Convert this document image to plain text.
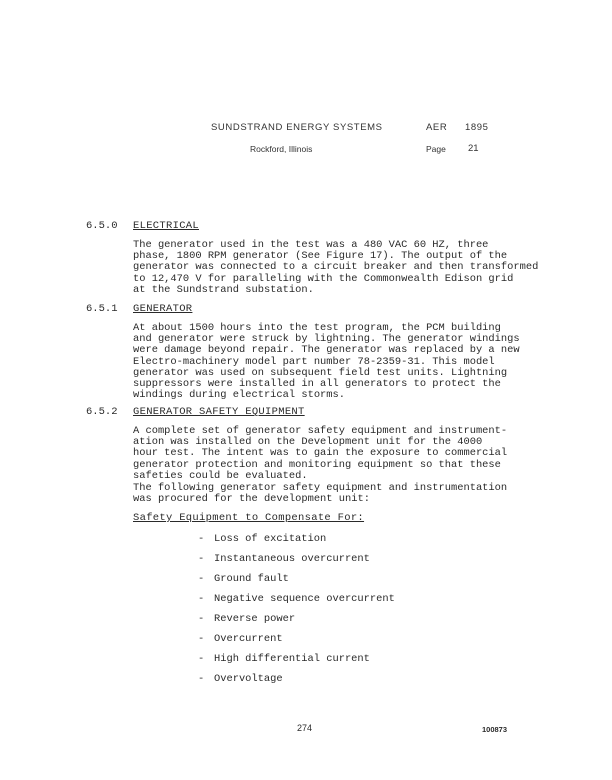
SUNDSTRAND ENERGY SYSTEMS	AER 1895
Rockford, Illinois	Page 21
6.5.0 ELECTRICAL
The generator used in the test was a 480 VAC 60 HZ, three
phase, 1800 RPM generator (See Figure 17). The output of the
generator was connected to a circuit breaker and then transformed
to 12,470 V for paralleling with the Commonwealth Edison grid
at the Sundstrand substation.
6.5.1 GENERATOR
At about 1500 hours into the test program, the PCM building
and generator were struck by lightning. The generator windings
were damage beyond repair. The generator was replaced by a new
Electro-machinery model part number 78-2359-31. This model
generator was used on subsequent field test units. Lightning
suppressors were installed in all generators to protect the
windings during electrical storms.
6.5.2 GENERATOR SAFETY EQUIPMENT
A complete set of generator safety equipment and instrument-
ation was installed on the Development unit for the 4000
hour test. The intent was to gain the exposure to commercial
generator protection and monitoring equipment so that these
safeties could be evaluated.
The following generator safety equipment and instrumentation
was procured for the development unit:
Safety Equipment to Compensate For:
- Loss of excitation
- Instantaneous overcurrent
- Ground fault
- Negative sequence overcurrent
- Reverse power
- Overcurrent
- High differential current
- Overvoltage
274	100873
